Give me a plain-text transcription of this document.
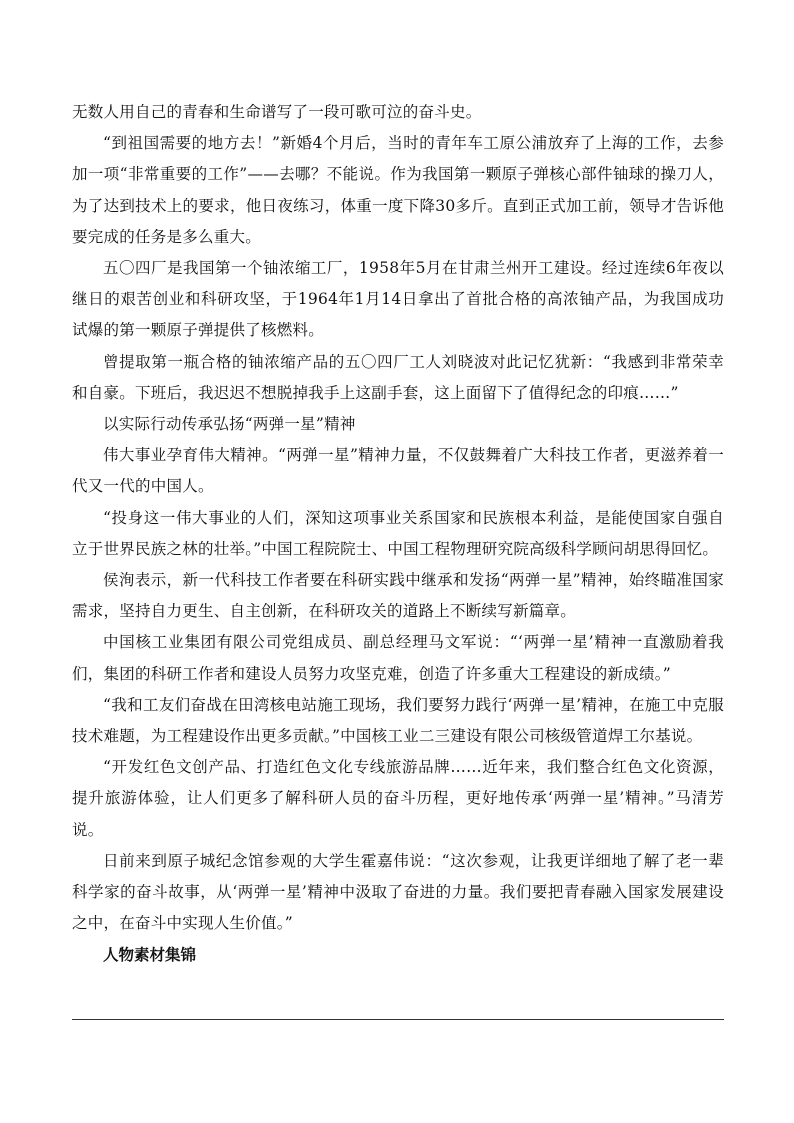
无数人用自己的青春和生命谱写了一段可歌可泣的奋斗史。

“到祖国需要的地方去！”新婚4个月后，当时的青年车工原公浦放弃了上海的工作，去参加一项“非常重要的工作”——去哪？不能说。作为我国第一颗原子弹核心部件铀球的操刀人，为了达到技术上的要求，他日夜练习，体重一度下降30多斤。直到正式加工前，领导才告诉他要完成的任务是多么重大。

五〇四厂是我国第一个铀浓缩工厂，1958年5月在甘肃兰州开工建设。经过连续6年夜以继日的艰苦创业和科研攻坚，于1964年1月14日拿出了首批合格的高浓铀产品，为我国成功试爆的第一颗原子弹提供了核燃料。

曾提取第一瓶合格的铀浓缩产品的五〇四厂工人刘晓波对此记忆犹新：“我感到非常荣幸和自豪。下班后，我迟迟不想脱掉我手上这副手套，这上面留下了值得纪念的印痕……”

以实际行动传承弘扬“两弹一星”精神

伟大事业孕育伟大精神。“两弹一星”精神力量，不仅鼓舞着广大科技工作者，更滋养着一代又一代的中国人。

“投身这一伟大事业的人们，深知这项事业关系国家和民族根本利益，是能使国家自强自立于世界民族之林的壮举。”中国工程院院士、中国工程物理研究院高级科学顾问胡思得回忆。

侯洵表示，新一代科技工作者要在科研实践中继承和发扬“两弹一星”精神，始终瞄准国家需求，坚持自力更生、自主创新，在科研攻关的道路上不断续写新篇章。

中国核工业集团有限公司党组成员、副总经理马文军说：“‘两弹一星’精神一直激励着我们，集团的科研工作者和建设人员努力攻坚克难，创造了许多重大工程建设的新成绩。”

“我和工友们奋战在田湾核电站施工现场，我们要努力践行‘两弹一星’精神，在施工中克服技术难题，为工程建设作出更多贡献。”中国核工业二三建设有限公司核级管道焊工尔基说。

“开发红色文创产品、打造红色文化专线旅游品牌……近年来，我们整合红色文化资源，提升旅游体验，让人们更多了解科研人员的奋斗历程，更好地传承‘两弹一星’精神。”马清芳说。

日前来到原子城纪念馆参观的大学生霍嘉伟说：“这次参观，让我更详细地了解了老一辈科学家的奋斗故事，从‘两弹一星’精神中汲取了奋进的力量。我们要把青春融入国家发展建设之中，在奋斗中实现人生价值。”

人物素材集锦
